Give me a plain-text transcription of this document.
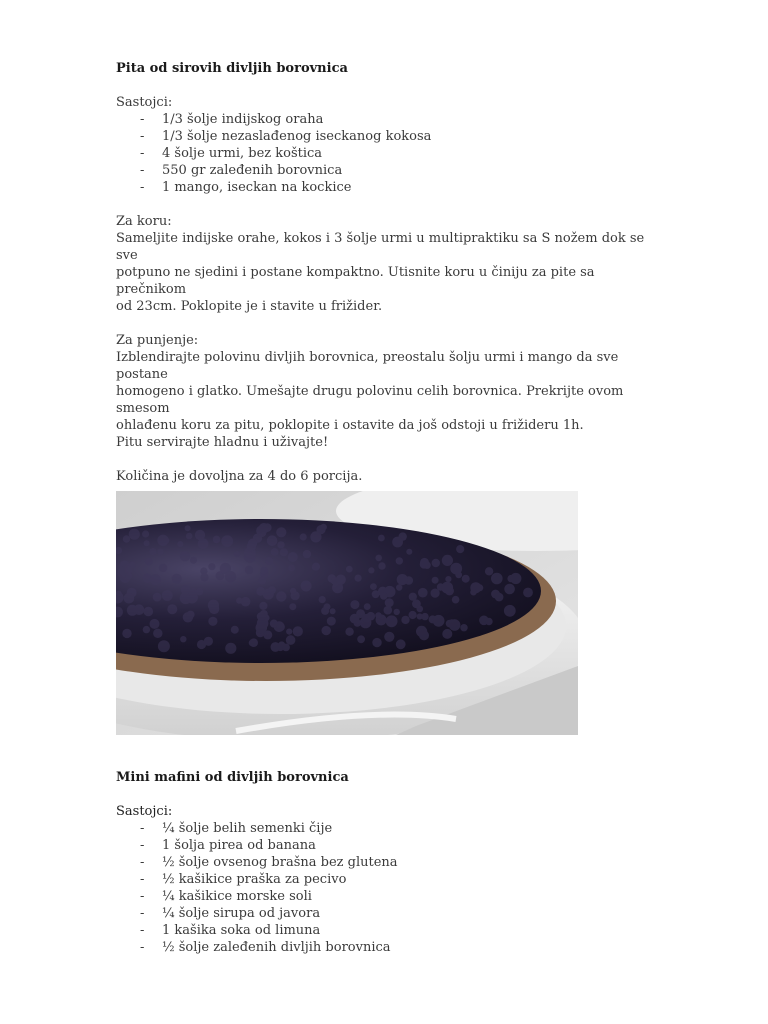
Pita od sirovih divljih borovnica

Sastojci:

- 1/3 šolje indijskog oraha
- 1/3 šolje nezaslađenog iseckanog kokosa
- 4 šolje urmi, bez koštica
- 550 gr zaleđenih borovnica
- 1 mango, iseckan na kockice

Za koru:

Sameljite indijske orahe, kokos i 3 šolje urmi u multipraktiku sa S nožem dok se sve
potpuno ne sjedini i postane kompaktno. Utisnite koru u činiju za pite sa prečnikom
od 23cm. Poklopite je i stavite u frižider.

Za punjenje:

Izblendirajte polovinu divljih borovnica, preostalu šolju urmi i mango da sve postane
homogeno i glatko. Umešajte drugu polovinu celih borovnica. Prekrijte ovom smesom
ohlađenu koru za pitu, poklopite i ostavite da još odstoji u frižideru 1h.
Pitu servirajte hladnu i uživajte!

Količina je dovoljna za 4 do 6 porcija.

Mini mafini od divljih borovnica

Sastojci:

- ¼ šolje belih semenki čije
- 1 šolja pirea od banana
- ½ šolje ovsenog brašna bez glutena
- ½ kašikice praška za pecivo
- ¼ kašikice morske soli
- ¼ šolje sirupa od javora
- 1 kašika soka od limuna
- ½ šolje zaleđenih divljih borovnica
